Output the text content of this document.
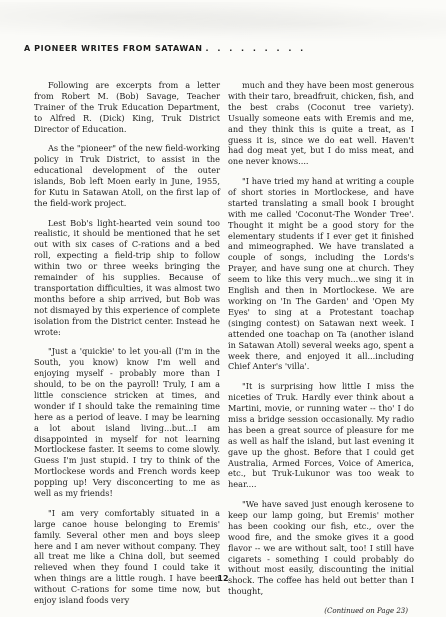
A PIONEER WRITES FROM SATAWAN . . . . . . . . .

Following are excerpts from a letter from Robert M. (Bob) Savage, Teacher Trainer of the Truk Education Department, to Alfred R. (Dick) King, Truk District Director of Education.

As the "pioneer" of the new field-working policy in Truk District, to assist in the educational development of the outer islands, Bob left Moen early in June, 1955, for Kutu in Satawan Atoll, on the first lap of the field-work project.

Lest Bob's light-hearted vein sound too realistic, it should be mentioned that he set out with six cases of C-rations and a bed roll, expecting a field-trip ship to follow within two or three weeks bringing the remainder of his supplies. Because of transportation difficulties, it was almost two months before a ship arrived, but Bob was not dismayed by this experience of complete isolation from the District center. Instead he wrote:

"Just a 'quickie' to let you-all (I'm in the South, you know) know I'm well and enjoying myself - probably more than I should, to be on the payroll! Truly, I am a little conscience stricken at times, and wonder if I should take the remaining time here as a period of leave. I may be learning a lot about island living...but...I am disappointed in myself for not learning Mortlockese faster. It seems to come slowly. Guess I'm just stupid. I try to think of the Mortlockese words and French words keep popping up! Very disconcerting to me as well as my friends!

"I am very comfortably situated in a large canoe house belonging to Eremis' family. Several other men and boys sleep here and I am never without company. They all treat me like a China doll, but seemed relieved when they found I could take it when things are a little rough. I have been without C-rations for some time now, but enjoy island foods very

much and they have been most generous with their taro, breadfruit, chicken, fish, and the best crabs (Coconut tree variety). Usually someone eats with Eremis and me, and they think this is quite a treat, as I guess it is, since we do eat well. Haven't had dog meat yet, but I do miss meat, and one never knows....

"I have tried my hand at writing a couple of short stories in Mortlockese, and have started translating a small book I brought with me called 'Coconut-The Wonder Tree'. Thought it might be a good story for the elementary students if I ever get it finished and mimeographed. We have translated a couple of songs, including the Lords's Prayer, and have sung one at church. They seem to like this very much...we sing it in English and then in Mortlockese. We are working on 'In The Garden' and 'Open My Eyes' to sing at a Protestant toachap (singing contest) on Satawan next week. I attended one toachap on Ta (another island in Satawan Atoll) several weeks ago, spent a week there, and enjoyed it all...including Chief Anter's 'villa'.

"It is surprising how little I miss the niceties of Truk. Hardly ever think about a Martini, movie, or running water -- tho' I do miss a bridge session occasionally. My radio has been a great source of pleasure for me as well as half the island, but last evening it gave up the ghost. Before that I could get Australia, Armed Forces, Voice of America, etc., but Truk-Lukunor was too weak to hear....

"We have saved just enough kerosene to keep our lamp going, but Eremis' mother has been cooking our fish, etc., over the wood fire, and the smoke gives it a good flavor -- we are without salt, too! I still have cigarets - something I could probably do without most easily, discounting the initial shock. The coffee has held out better than I thought,

(Continued on Page 23)
12
